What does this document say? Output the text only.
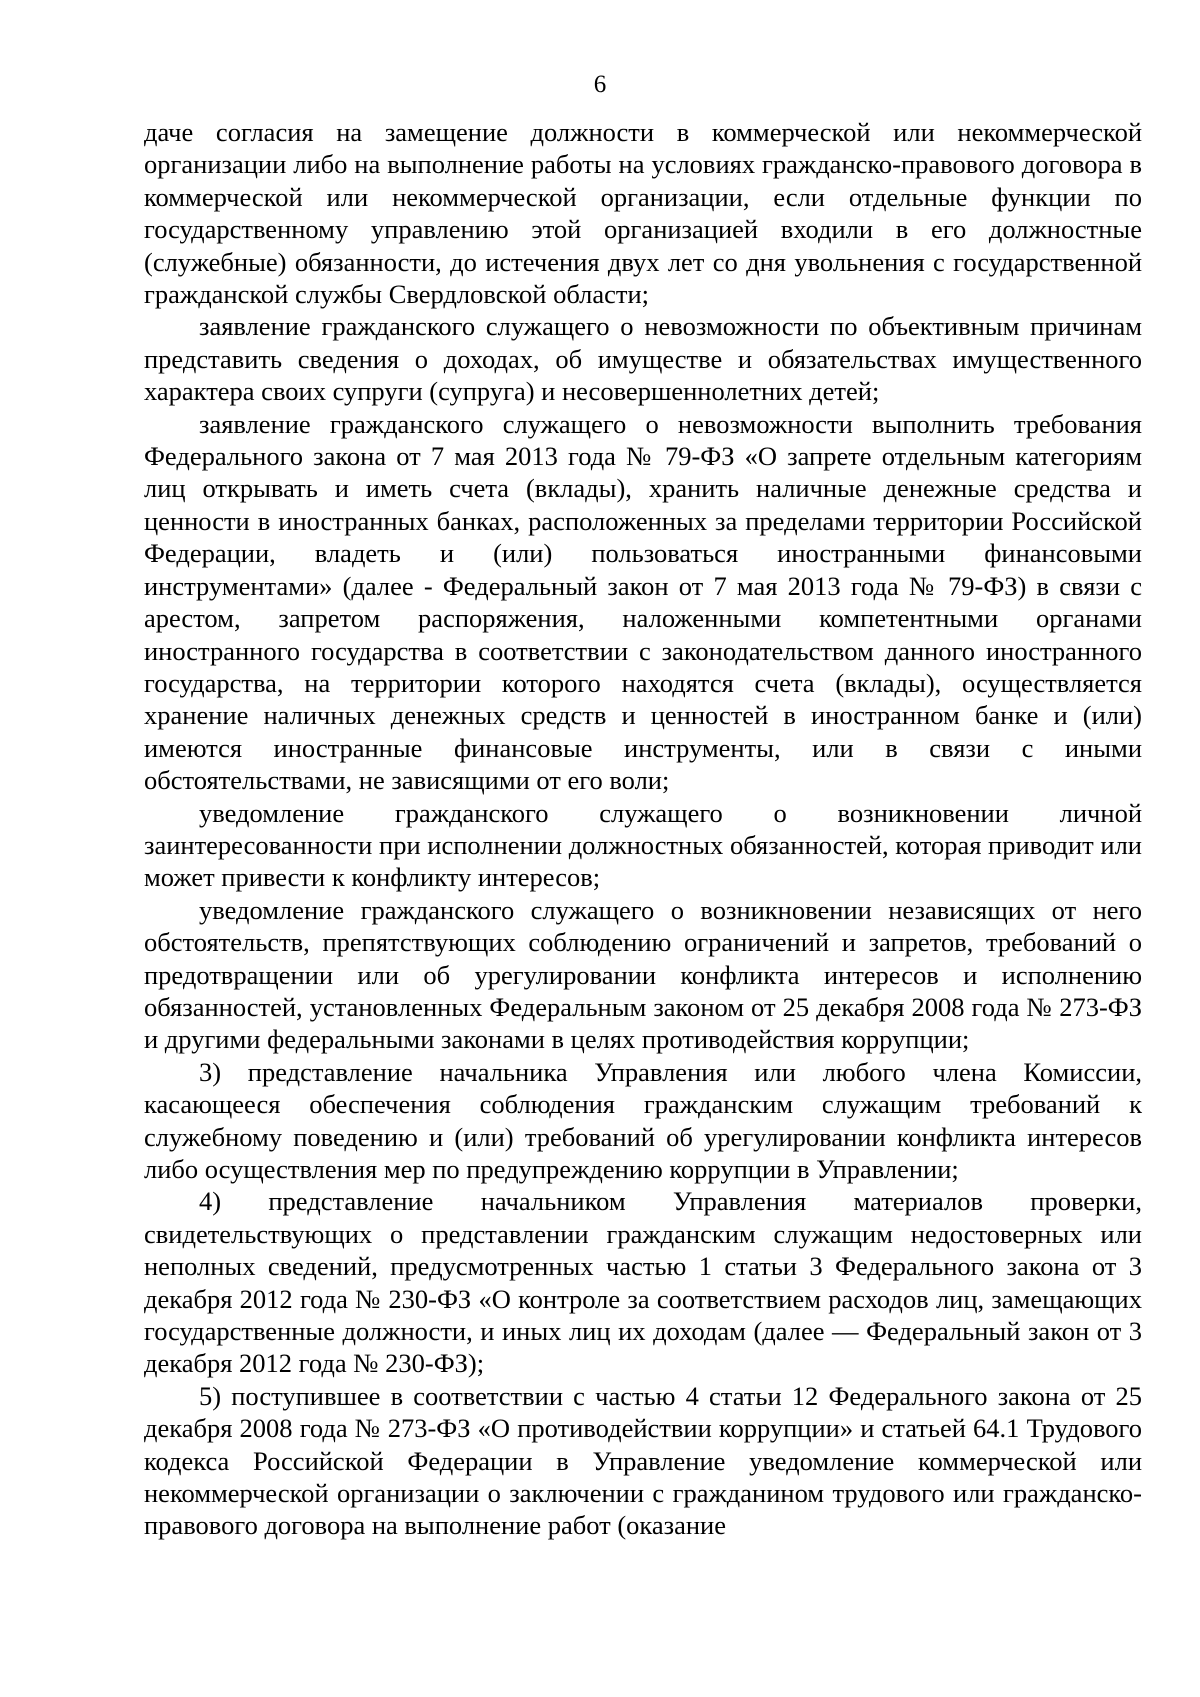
6

даче согласия на замещение должности в коммерческой или некоммерческой организации либо на выполнение работы на условиях гражданско-правового договора в коммерческой или некоммерческой организации, если отдельные функции по государственному управлению этой организацией входили в его должностные (служебные) обязанности, до истечения двух лет со дня увольнения с государственной гражданской службы Свердловской области;

заявление гражданского служащего о невозможности по объективным причинам представить сведения о доходах, об имуществе и обязательствах имущественного характера своих супруги (супруга) и несовершеннолетних детей;

заявление гражданского служащего о невозможности выполнить требования Федерального закона от 7 мая 2013 года № 79-ФЗ «О запрете отдельным категориям лиц открывать и иметь счета (вклады), хранить наличные денежные средства и ценности в иностранных банках, расположенных за пределами территории Российской Федерации, владеть и (или) пользоваться иностранными финансовыми инструментами» (далее - Федеральный закон от 7 мая 2013 года № 79-ФЗ) в связи с арестом, запретом распоряжения, наложенными компетентными органами иностранного государства в соответствии с законодательством данного иностранного государства, на территории которого находятся счета (вклады), осуществляется хранение наличных денежных средств и ценностей в иностранном банке и (или) имеются иностранные финансовые инструменты, или в связи с иными обстоятельствами, не зависящими от его воли;

уведомление гражданского служащего о возникновении личной заинтересованности при исполнении должностных обязанностей, которая приводит или может привести к конфликту интересов;

уведомление гражданского служащего о возникновении независящих от него обстоятельств, препятствующих соблюдению ограничений и запретов, требований о предотвращении или об урегулировании конфликта интересов и исполнению обязанностей, установленных Федеральным законом от 25 декабря 2008 года № 273-ФЗ и другими федеральными законами в целях противодействия коррупции;

3) представление начальника Управления или любого члена Комиссии, касающееся обеспечения соблюдения гражданским служащим требований к служебному поведению и (или) требований об урегулировании конфликта интересов либо осуществления мер по предупреждению коррупции в Управлении;

4) представление начальником Управления материалов проверки, свидетельствующих о представлении гражданским служащим недостоверных или неполных сведений, предусмотренных частью 1 статьи 3 Федерального закона от 3 декабря 2012 года № 230-ФЗ «О контроле за соответствием расходов лиц, замещающих государственные должности, и иных лиц их доходам (далее — Федеральный закон от 3 декабря 2012 года № 230-ФЗ);

5) поступившее в соответствии с частью 4 статьи 12 Федерального закона от 25 декабря 2008 года № 273-ФЗ «О противодействии коррупции» и статьей 64.1 Трудового кодекса Российской Федерации в Управление уведомление коммерческой или некоммерческой организации о заключении с гражданином трудового или гражданско-правового договора на выполнение работ (оказание
